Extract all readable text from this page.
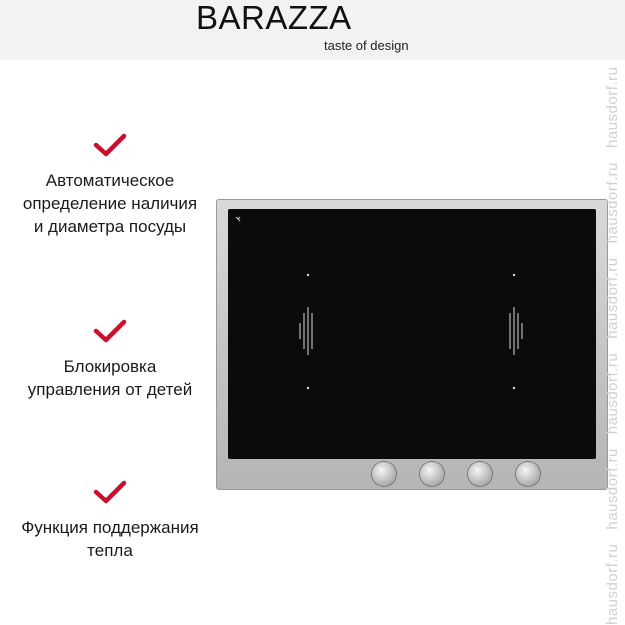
BARAZZA
taste of design
Автоматическое определение наличия и диаметра посуды
Блокировка управления от детей
Функция поддержания тепла	hausdorf.ru   hausdorf.ru   hausdorf.ru   hausdorf.ru   hausdorf.ru   hausdorf.ru
